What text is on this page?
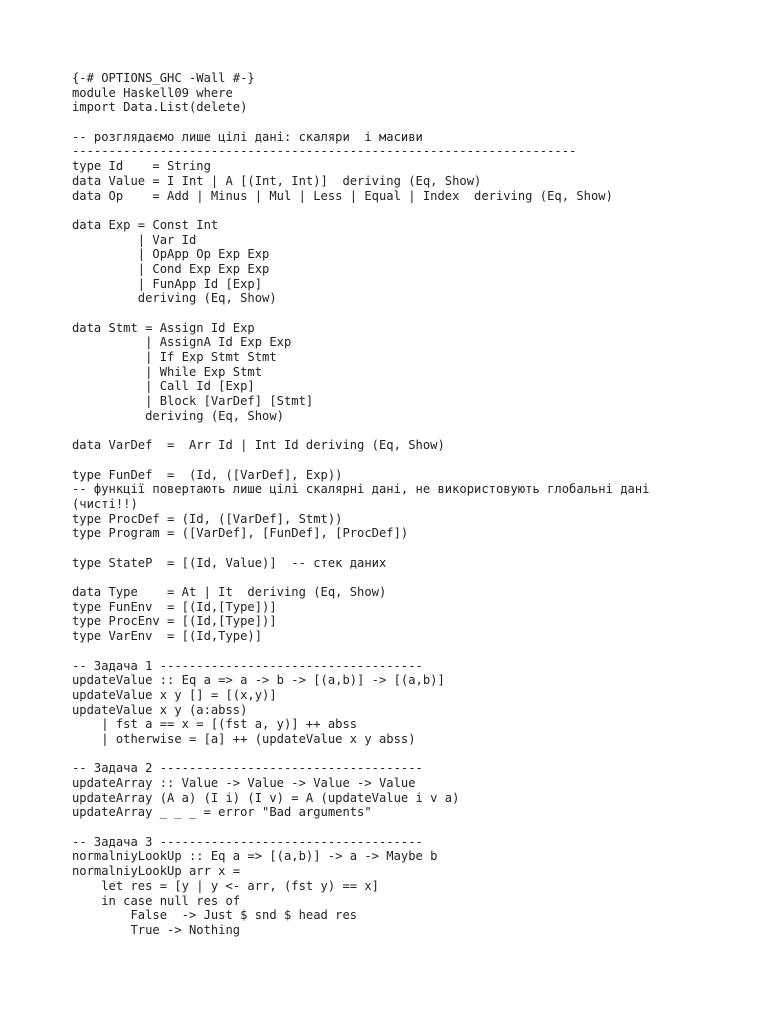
{-# OPTIONS_GHC -Wall #-}
module Haskell09 where
import Data.List(delete)
-- розглядаємо лише цілі дані: скаляри  і масиви
---------------------------------------------------------------------
type Id    = String
data Value = I Int | A [(Int, Int)]  deriving (Eq, Show)
data Op    = Add | Minus | Mul | Less | Equal | Index  deriving (Eq, Show)
data Exp = Const Int
| Var Id
| OpApp Op Exp Exp
| Cond Exp Exp Exp
| FunApp Id [Exp]
deriving (Eq, Show)
data Stmt = Assign Id Exp
| AssignA Id Exp Exp
| If Exp Stmt Stmt
| While Exp Stmt
| Call Id [Exp]
| Block [VarDef] [Stmt]
deriving (Eq, Show)
data VarDef  =  Arr Id | Int Id deriving (Eq, Show)
type FunDef  =  (Id, ([VarDef], Exp))
-- функції повертають лише цілі скалярні дані, не використовують глобальні дані
(чисті!!)
type ProcDef = (Id, ([VarDef], Stmt))
type Program = ([VarDef], [FunDef], [ProcDef])
type StateP  = [(Id, Value)]  -- стек даних
data Type    = At | It  deriving (Eq, Show)
type FunEnv  = [(Id,[Type])]
type ProcEnv = [(Id,[Type])]
type VarEnv  = [(Id,Type)]
-- Задача 1 ------------------------------------
updateValue :: Eq a => a -> b -> [(a,b)] -> [(a,b)]
updateValue x y [] = [(x,y)]
updateValue x y (a:abss)
| fst a == x = [(fst a, y)] ++ abss
| otherwise = [a] ++ (updateValue x y abss)
-- Задача 2 ------------------------------------
updateArray :: Value -> Value -> Value -> Value
updateArray (A a) (I i) (I v) = A (updateValue i v a)
updateArray _ _ _ = error "Bad arguments"
-- Задача 3 ------------------------------------
normalniyLookUp :: Eq a => [(a,b)] -> a -> Maybe b
normalniyLookUp arr x =
let res = [y | y <- arr, (fst y) == x]
in case null res of
False  -> Just $ snd $ head res
True -> Nothing
